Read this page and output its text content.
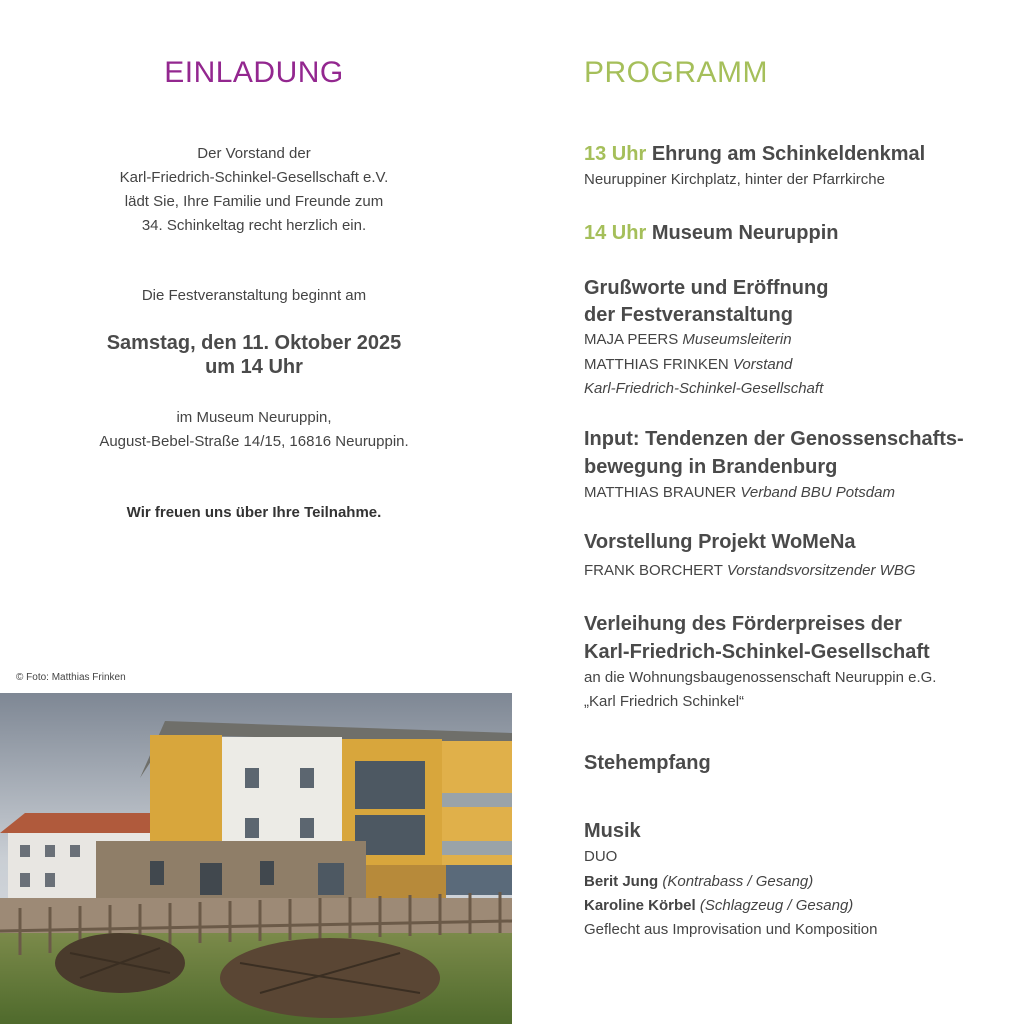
EINLADUNG
Der Vorstand der
Karl-Friedrich-Schinkel-Gesellschaft e.V.
lädt Sie, Ihre Familie und Freunde zum
34. Schinkeltag recht herzlich ein.
Die Festveranstaltung beginnt am
Samstag, den 11. Oktober 2025
um 14 Uhr
im Museum Neuruppin,
August-Bebel-Straße 14/15, 16816 Neuruppin.
Wir freuen uns über Ihre Teilnahme.
© Foto: Matthias Frinken
PROGRAMM
13 Uhr Ehrung am Schinkeldenkmal
Neuruppiner Kirchplatz, hinter der Pfarrkirche
14 Uhr Museum Neuruppin
Grußworte und Eröffnung
der Festveranstaltung
MAJA PEERS Museumsleiterin
MATTHIAS FRINKEN Vorstand
Karl-Friedrich-Schinkel-Gesellschaft
Input: Tendenzen der Genossenschafts-
bewegung in Brandenburg
MATTHIAS BRAUNER Verband BBU Potsdam
Vorstellung Projekt WoMeNa
FRANK BORCHERT Vorstandsvorsitzender WBG
Verleihung des Förderpreises der
Karl-Friedrich-Schinkel-Gesellschaft
an die Wohnungsbaugenossenschaft Neuruppin e.G.
„Karl Friedrich Schinkel“
Stehempfang
Musik
DUO
Berit Jung (Kontrabass / Gesang)
Karoline Körbel (Schlagzeug / Gesang)
Geflecht aus Improvisation und Komposition
